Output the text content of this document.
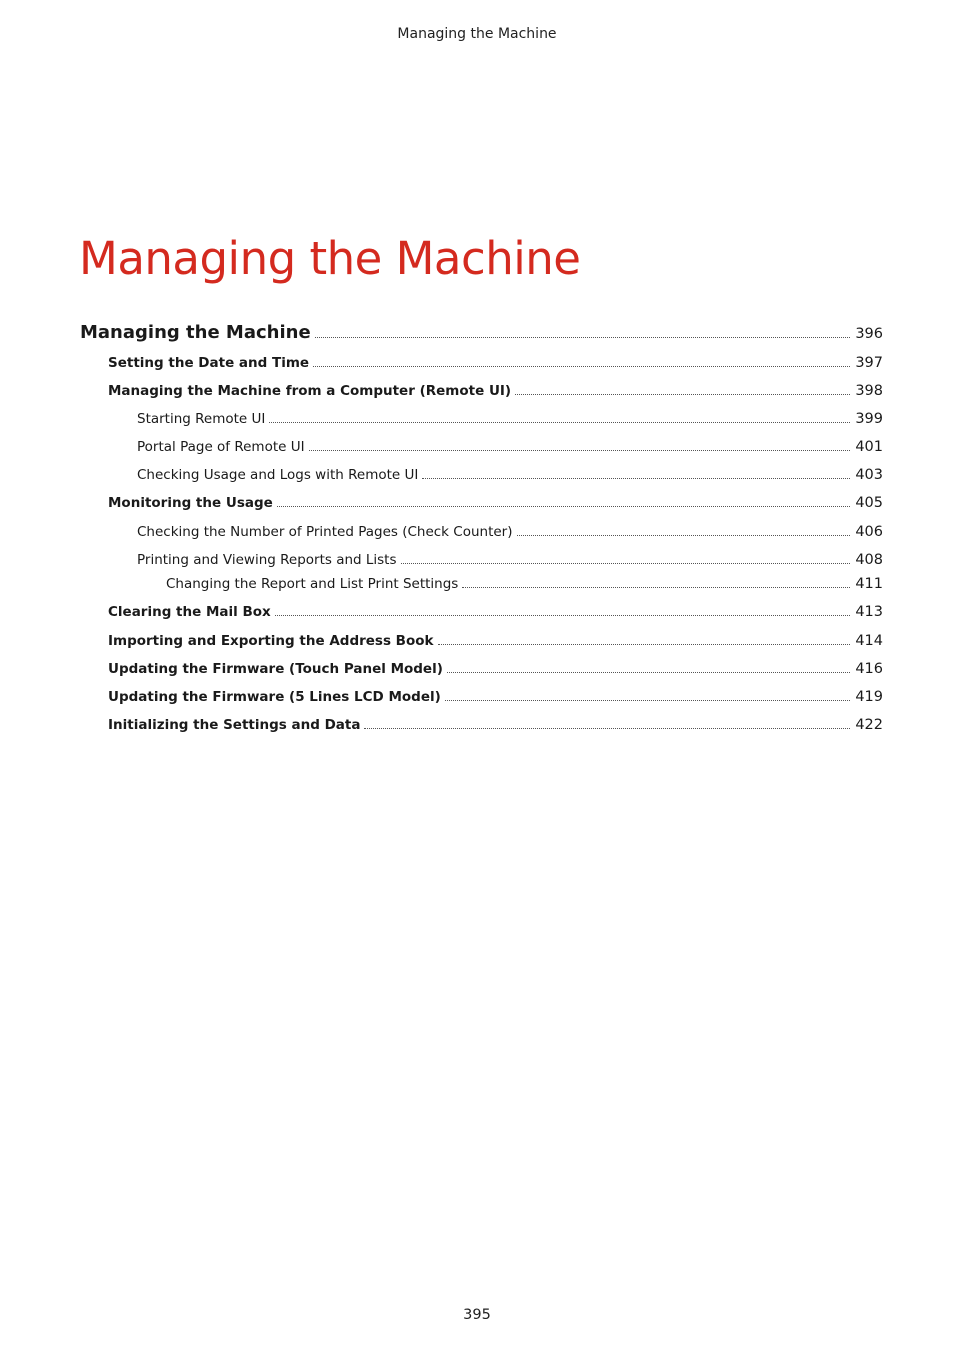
Managing the Machine
Managing the Machine
Managing the Machine	396
Setting the Date and Time	397
Managing the Machine from a Computer (Remote UI)	398
Starting Remote UI	399
Portal Page of Remote UI	401
Checking Usage and Logs with Remote UI	403
Monitoring the Usage	405
Checking the Number of Printed Pages (Check Counter)	406
Printing and Viewing Reports and Lists	408
Changing the Report and List Print Settings	411
Clearing the Mail Box	413
Importing and Exporting the Address Book	414
Updating the Firmware (Touch Panel Model)	416
Updating the Firmware (5 Lines LCD Model)	419
Initializing the Settings and Data	422
395
